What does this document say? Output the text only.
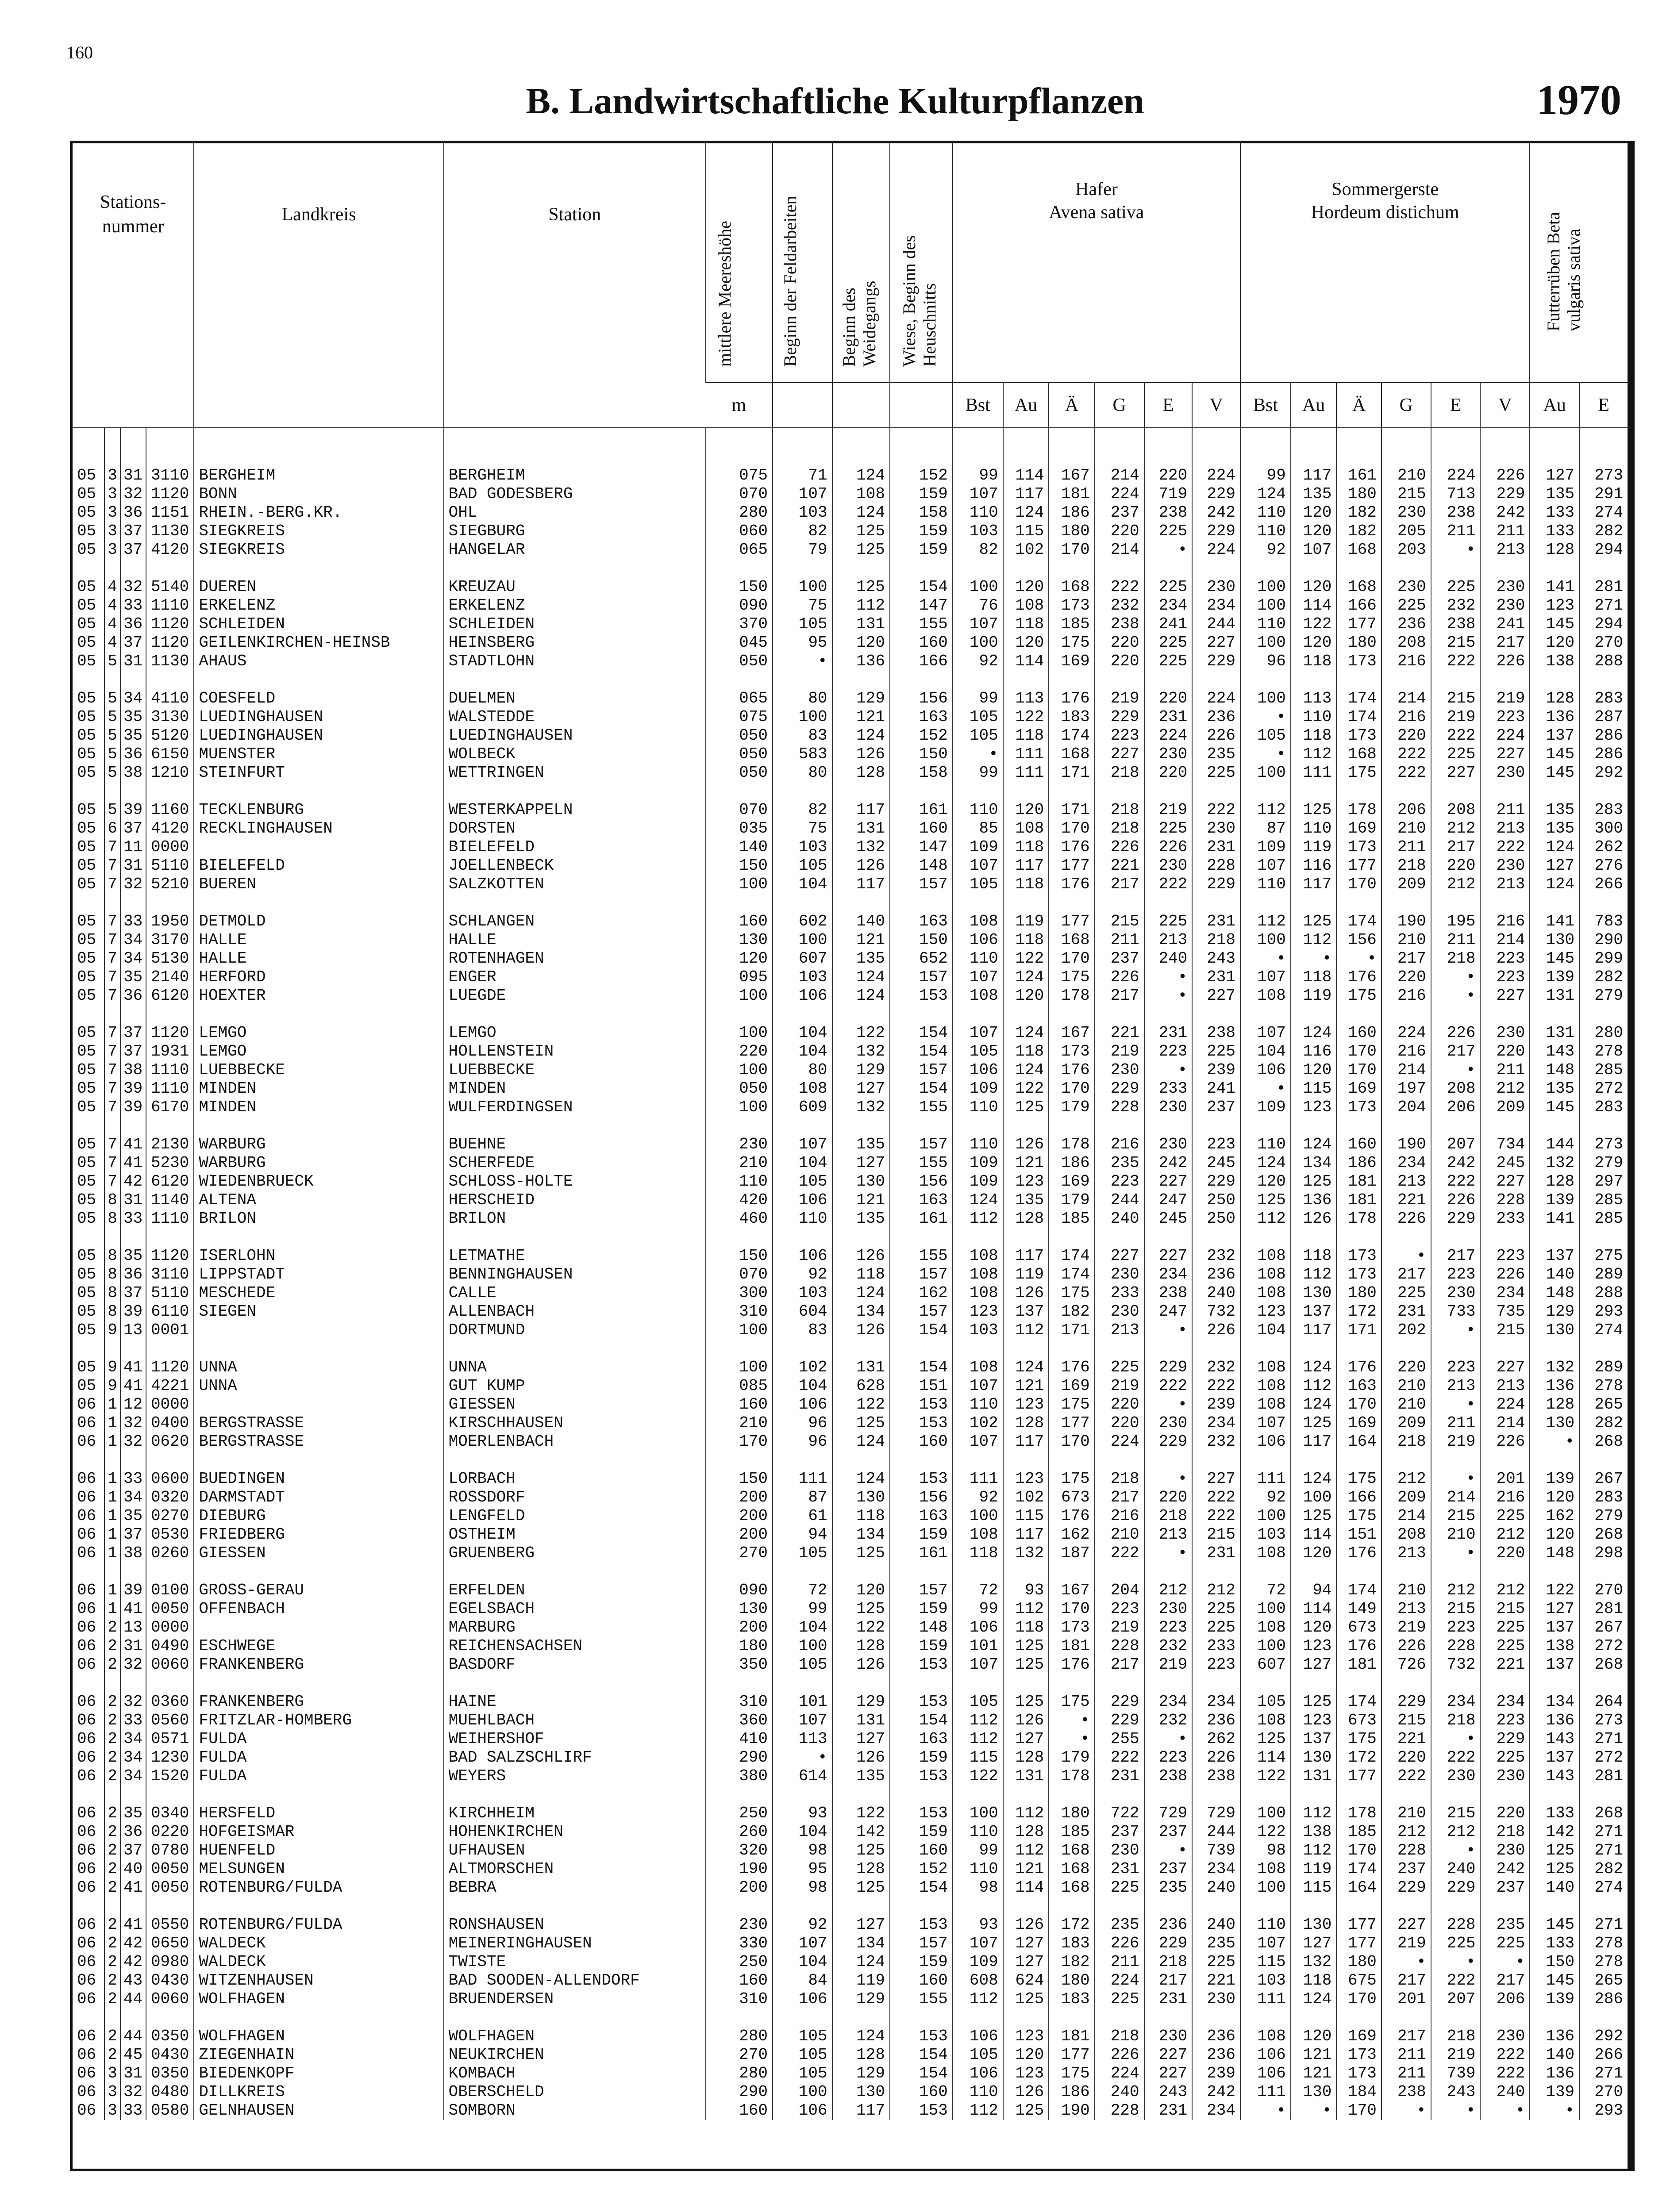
160
B. Landwirtschaftliche Kulturpflanzen	1970
Stations-
nummer				Landkreis	Station	mittlere Meereshöhe	Beginn der Feldarbeiten	Beginn des Weidegangs	Wiese, Beginn des Heuschnitts	Hafer
Avena sativa						Sommergerste
Hordeum distichum						Futterrüben Beta vulgaris sativa	
						m				Bst	Au	Ä	G	E	V	Bst	Au	Ä	G	E	V	Au	E

05	3	31	3110	BERGHEIM	BERGHEIM	075	71	124	152	99	114	167	214	220	224	99	117	161	210	224	226	127	273
05	3	32	1120	BONN	BAD GODESBERG	070	107	108	159	107	117	181	224	719	229	124	135	180	215	713	229	135	291
05	3	36	1151	RHEIN.-BERG.KR.	OHL	280	103	124	158	110	124	186	237	238	242	110	120	182	230	238	242	133	274
05	3	37	1130	SIEGKREIS	SIEGBURG	060	82	125	159	103	115	180	220	225	229	110	120	182	205	211	211	133	282
05	3	37	4120	SIEGKREIS	HANGELAR	065	79	125	159	82	102	170	214	•	224	92	107	168	203	•	213	128	294

05	4	32	5140	DUEREN	KREUZAU	150	100	125	154	100	120	168	222	225	230	100	120	168	230	225	230	141	281
05	4	33	1110	ERKELENZ	ERKELENZ	090	75	112	147	76	108	173	232	234	234	100	114	166	225	232	230	123	271
05	4	36	1120	SCHLEIDEN	SCHLEIDEN	370	105	131	155	107	118	185	238	241	244	110	122	177	236	238	241	145	294
05	4	37	1120	GEILENKIRCHEN-HEINSB	HEINSBERG	045	95	120	160	100	120	175	220	225	227	100	120	180	208	215	217	120	270
05	5	31	1130	AHAUS	STADTLOHN	050	•	136	166	92	114	169	220	225	229	96	118	173	216	222	226	138	288

05	5	34	4110	COESFELD	DUELMEN	065	80	129	156	99	113	176	219	220	224	100	113	174	214	215	219	128	283
05	5	35	3130	LUEDINGHAUSEN	WALSTEDDE	075	100	121	163	105	122	183	229	231	236	•	110	174	216	219	223	136	287
05	5	35	5120	LUEDINGHAUSEN	LUEDINGHAUSEN	050	83	124	152	105	118	174	223	224	226	105	118	173	220	222	224	137	286
05	5	36	6150	MUENSTER	WOLBECK	050	583	126	150	•	111	168	227	230	235	•	112	168	222	225	227	145	286
05	5	38	1210	STEINFURT	WETTRINGEN	050	80	128	158	99	111	171	218	220	225	100	111	175	222	227	230	145	292

05	5	39	1160	TECKLENBURG	WESTERKAPPELN	070	82	117	161	110	120	171	218	219	222	112	125	178	206	208	211	135	283
05	6	37	4120	RECKLINGHAUSEN	DORSTEN	035	75	131	160	85	108	170	218	225	230	87	110	169	210	212	213	135	300
05	7	11	0000		BIELEFELD	140	103	132	147	109	118	176	226	226	231	109	119	173	211	217	222	124	262
05	7	31	5110	BIELEFELD	JOELLENBECK	150	105	126	148	107	117	177	221	230	228	107	116	177	218	220	230	127	276
05	7	32	5210	BUEREN	SALZKOTTEN	100	104	117	157	105	118	176	217	222	229	110	117	170	209	212	213	124	266

05	7	33	1950	DETMOLD	SCHLANGEN	160	602	140	163	108	119	177	215	225	231	112	125	174	190	195	216	141	783
05	7	34	3170	HALLE	HALLE	130	100	121	150	106	118	168	211	213	218	100	112	156	210	211	214	130	290
05	7	34	5130	HALLE	ROTENHAGEN	120	607	135	652	110	122	170	237	240	243	•	•	•	217	218	223	145	299
05	7	35	2140	HERFORD	ENGER	095	103	124	157	107	124	175	226	•	231	107	118	176	220	•	223	139	282
05	7	36	6120	HOEXTER	LUEGDE	100	106	124	153	108	120	178	217	•	227	108	119	175	216	•	227	131	279

05	7	37	1120	LEMGO	LEMGO	100	104	122	154	107	124	167	221	231	238	107	124	160	224	226	230	131	280
05	7	37	1931	LEMGO	HOLLENSTEIN	220	104	132	154	105	118	173	219	223	225	104	116	170	216	217	220	143	278
05	7	38	1110	LUEBBECKE	LUEBBECKE	100	80	129	157	106	124	176	230	•	239	106	120	170	214	•	211	148	285
05	7	39	1110	MINDEN	MINDEN	050	108	127	154	109	122	170	229	233	241	•	115	169	197	208	212	135	272
05	7	39	6170	MINDEN	WULFERDINGSEN	100	609	132	155	110	125	179	228	230	237	109	123	173	204	206	209	145	283

05	7	41	2130	WARBURG	BUEHNE	230	107	135	157	110	126	178	216	230	223	110	124	160	190	207	734	144	273
05	7	41	5230	WARBURG	SCHERFEDE	210	104	127	155	109	121	186	235	242	245	124	134	186	234	242	245	132	279
05	7	42	6120	WIEDENBRUECK	SCHLOSS-HOLTE	110	105	130	156	109	123	169	223	227	229	120	125	181	213	222	227	128	297
05	8	31	1140	ALTENA	HERSCHEID	420	106	121	163	124	135	179	244	247	250	125	136	181	221	226	228	139	285
05	8	33	1110	BRILON	BRILON	460	110	135	161	112	128	185	240	245	250	112	126	178	226	229	233	141	285

05	8	35	1120	ISERLOHN	LETMATHE	150	106	126	155	108	117	174	227	227	232	108	118	173	•	217	223	137	275
05	8	36	3110	LIPPSTADT	BENNINGHAUSEN	070	92	118	157	108	119	174	230	234	236	108	112	173	217	223	226	140	289
05	8	37	5110	MESCHEDE	CALLE	300	103	124	162	108	126	175	233	238	240	108	130	180	225	230	234	148	288
05	8	39	6110	SIEGEN	ALLENBACH	310	604	134	157	123	137	182	230	247	732	123	137	172	231	733	735	129	293
05	9	13	0001		DORTMUND	100	83	126	154	103	112	171	213	•	226	104	117	171	202	•	215	130	274

05	9	41	1120	UNNA	UNNA	100	102	131	154	108	124	176	225	229	232	108	124	176	220	223	227	132	289
05	9	41	4221	UNNA	GUT KUMP	085	104	628	151	107	121	169	219	222	222	108	112	163	210	213	213	136	278
06	1	12	0000		GIESSEN	160	106	122	153	110	123	175	220	•	239	108	124	170	210	•	224	128	265
06	1	32	0400	BERGSTRASSE	KIRSCHHAUSEN	210	96	125	153	102	128	177	220	230	234	107	125	169	209	211	214	130	282
06	1	32	0620	BERGSTRASSE	MOERLENBACH	170	96	124	160	107	117	170	224	229	232	106	117	164	218	219	226	•	268

06	1	33	0600	BUEDINGEN	LORBACH	150	111	124	153	111	123	175	218	•	227	111	124	175	212	•	201	139	267
06	1	34	0320	DARMSTADT	ROSSDORF	200	87	130	156	92	102	673	217	220	222	92	100	166	209	214	216	120	283
06	1	35	0270	DIEBURG	LENGFELD	200	61	118	163	100	115	176	216	218	222	100	125	175	214	215	225	162	279
06	1	37	0530	FRIEDBERG	OSTHEIM	200	94	134	159	108	117	162	210	213	215	103	114	151	208	210	212	120	268
06	1	38	0260	GIESSEN	GRUENBERG	270	105	125	161	118	132	187	222	•	231	108	120	176	213	•	220	148	298

06	1	39	0100	GROSS-GERAU	ERFELDEN	090	72	120	157	72	93	167	204	212	212	72	94	174	210	212	212	122	270
06	1	41	0050	OFFENBACH	EGELSBACH	130	99	125	159	99	112	170	223	230	225	100	114	149	213	215	215	127	281
06	2	13	0000		MARBURG	200	104	122	148	106	118	173	219	223	225	108	120	673	219	223	225	137	267
06	2	31	0490	ESCHWEGE	REICHENSACHSEN	180	100	128	159	101	125	181	228	232	233	100	123	176	226	228	225	138	272
06	2	32	0060	FRANKENBERG	BASDORF	350	105	126	153	107	125	176	217	219	223	607	127	181	726	732	221	137	268

06	2	32	0360	FRANKENBERG	HAINE	310	101	129	153	105	125	175	229	234	234	105	125	174	229	234	234	134	264
06	2	33	0560	FRITZLAR-HOMBERG	MUEHLBACH	360	107	131	154	112	126	•	229	232	236	108	123	673	215	218	223	136	273
06	2	34	0571	FULDA	WEIHERSHOF	410	113	127	163	112	127	•	255	•	262	125	137	175	221	•	229	143	271
06	2	34	1230	FULDA	BAD SALZSCHLIRF	290	•	126	159	115	128	179	222	223	226	114	130	172	220	222	225	137	272
06	2	34	1520	FULDA	WEYERS	380	614	135	153	122	131	178	231	238	238	122	131	177	222	230	230	143	281

06	2	35	0340	HERSFELD	KIRCHHEIM	250	93	122	153	100	112	180	722	729	729	100	112	178	210	215	220	133	268
06	2	36	0220	HOFGEISMAR	HOHENKIRCHEN	260	104	142	159	110	128	185	237	237	244	122	138	185	212	212	218	142	271
06	2	37	0780	HUENFELD	UFHAUSEN	320	98	125	160	99	112	168	230	•	739	98	112	170	228	•	230	125	271
06	2	40	0050	MELSUNGEN	ALTMORSCHEN	190	95	128	152	110	121	168	231	237	234	108	119	174	237	240	242	125	282
06	2	41	0050	ROTENBURG/FULDA	BEBRA	200	98	125	154	98	114	168	225	235	240	100	115	164	229	229	237	140	274

06	2	41	0550	ROTENBURG/FULDA	RONSHAUSEN	230	92	127	153	93	126	172	235	236	240	110	130	177	227	228	235	145	271
06	2	42	0650	WALDECK	MEINERINGHAUSEN	330	107	134	157	107	127	183	226	229	235	107	127	177	219	225	225	133	278
06	2	42	0980	WALDECK	TWISTE	250	104	124	159	109	127	182	211	218	225	115	132	180	•	•	•	150	278
06	2	43	0430	WITZENHAUSEN	BAD SOODEN-ALLENDORF	160	84	119	160	608	624	180	224	217	221	103	118	675	217	222	217	145	265
06	2	44	0060	WOLFHAGEN	BRUENDERSEN	310	106	129	155	112	125	183	225	231	230	111	124	170	201	207	206	139	286

06	2	44	0350	WOLFHAGEN	WOLFHAGEN	280	105	124	153	106	123	181	218	230	236	108	120	169	217	218	230	136	292
06	2	45	0430	ZIEGENHAIN	NEUKIRCHEN	270	105	128	154	105	120	177	226	227	236	106	121	173	211	219	222	140	266
06	3	31	0350	BIEDENKOPF	KOMBACH	280	105	129	154	106	123	175	224	227	239	106	121	173	211	739	222	136	271
06	3	32	0480	DILLKREIS	OBERSCHELD	290	100	130	160	110	126	186	240	243	242	111	130	184	238	243	240	139	270
06	3	33	0580	GELNHAUSEN	SOMBORN	160	106	117	153	112	125	190	228	231	234	•	•	170	•	•	•	•	293
